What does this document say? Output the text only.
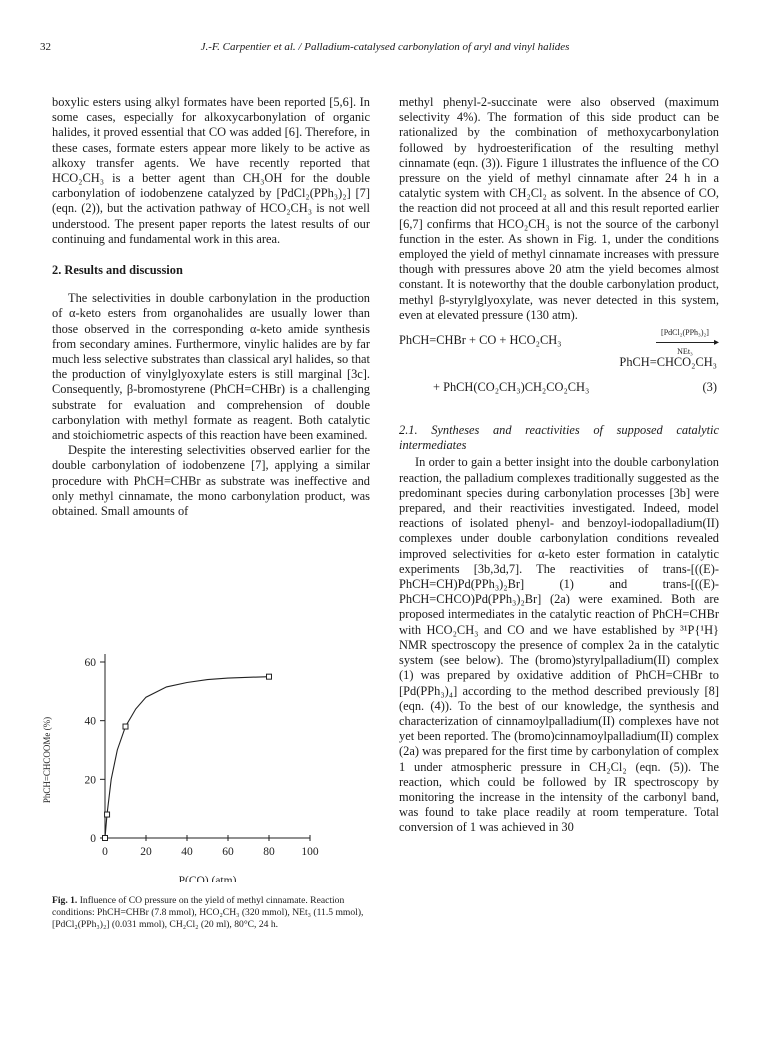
32	J.-F. Carpentier et al. / Palladium-catalysed carbonylation of aryl and vinyl halides

boxylic esters using alkyl formates have been reported [5,6]. In some cases, especially for alkoxycarbonylation of organic halides, it proved essential that CO was added [6]. Therefore, in these cases, formate esters appear more likely to be active as alkoxy transfer agents. We have recently reported that HCO₂CH₃ is a better agent than CH₃OH for the double carbonylation of iodobenzene catalyzed by [PdCl₂(PPh₃)₂] [7] (eqn. (2)), but the activation pathway of HCO₂CH₃ is not well understood. The present paper reports the latest results of our continuing and fundamental work in this area.

2. Results and discussion

The selectivities in double carbonylation in the production of α-keto esters from organohalides are usually lower than those observed in the corresponding α-keto amide synthesis from secondary amines. Furthermore, vinylic halides are by far much less selective substrates than classical aryl halides, so that the production of vinylglyoxylate esters is still marginal [3c]. Consequently, β-bromostyrene (PhCH=CHBr) is a challenging substrate for evaluation and comprehension of double carbonylation with methyl formate as reagent. Both catalytic and stoichiometric aspects of this reaction have been examined.

Despite the interesting selectivities observed earlier for the double carbonylation of iodobenzene [7], applying a similar procedure with PhCH=CHBr as substrate was ineffective and only methyl cinnamate, the mono carbonylation product, was obtained. Small amounts of

0	20	40	60	80 100
0
20
40
60
P(CO) (atm)
PhCH=CHCOOMe (%)
Fig. 1. Influence of CO pressure on the yield of methyl cinnamate. Reaction conditions: PhCH=CHBr (7.8 mmol), HCO₂CH₃ (320 mmol), NEt₃ (11.5 mmol), [PdCl₂(PPh₃)₂] (0.031 mmol), CH₂Cl₂ (20 ml), 80°C, 24 h.

methyl phenyl-2-succinate were also observed (maximum selectivity 4%). The formation of this side product can be rationalized by the combination of methoxycarbonylation followed by hydroesterification of the resulting methyl cinnamate (eqn. (3)). Figure 1 illustrates the influence of the CO pressure on the yield of methyl cinnamate after 24 h in a catalytic system with CH₂Cl₂ as solvent. In the absence of CO, the reaction did not proceed at all and this result reported earlier [6,7] confirms that HCO₂CH₃ is not the source of the carbonyl function in the ester. As shown in Fig. 1, under the conditions employed the yield of methyl cinnamate increases with pressure though with pressures above 20 atm the yield becomes almost constant. It is noteworthy that the double carbonylation product, methyl β-styrylglyoxylate, was never detected in this system, even at elevated pressure (130 atm).

PhCH=CHBr + CO + HCO₂CH₃
[PdCl₂(PPh₃)₂]
▸
NEt₃
PhCH=CHCO₂CH₃
+ PhCH(CO₂CH₃)CH₂CO₂CH₃	(3)
2.1. Syntheses and reactivities of supposed catalytic intermediates

In order to gain a better insight into the double carbonylation reaction, the palladium complexes traditionally suggested as the predominant species during carbonylation processes [3b] were prepared, and their reactivities investigated. Indeed, model reactions of isolated phenyl- and benzoyl-iodopalladium(II) complexes under double carbonylation conditions revealed improved selectivities for α-keto ester formation in catalytic experiments [3b,3d,7]. The reactivities of trans-[((E)-PhCH=CH)Pd(PPh₃)₂Br] (1) and trans-[((E)-PhCH=CHCO)Pd(PPh₃)₂Br] (2a) were examined. Both are proposed intermediates in the catalytic reaction of PhCH=CHBr with HCO₂CH₃ and CO and we have established by ³¹P{¹H} NMR spectroscopy the presence of complex 2a in the catalytic system (see below). The (bromo)styrylpalladium(II) complex (1) was prepared by oxidative addition of PhCH=CHBr to [Pd(PPh₃)₄] according to the method described previously [8] (eqn. (4)). To the best of our knowledge, the synthesis and characterization of cinnamoylpalladium(II) complexes have not yet been reported. The (bromo)cinnamoylpalladium(II) complex (2a) was prepared for the first time by carbonylation of complex 1 under atmospheric pressure in CH₂Cl₂ (eqn. (5)). The reaction, which could be followed by IR spectroscopy by monitoring the increase in the intensity of the carbonyl band, was found to take place readily at room temperature. Total conversion of 1 was achieved in 30
